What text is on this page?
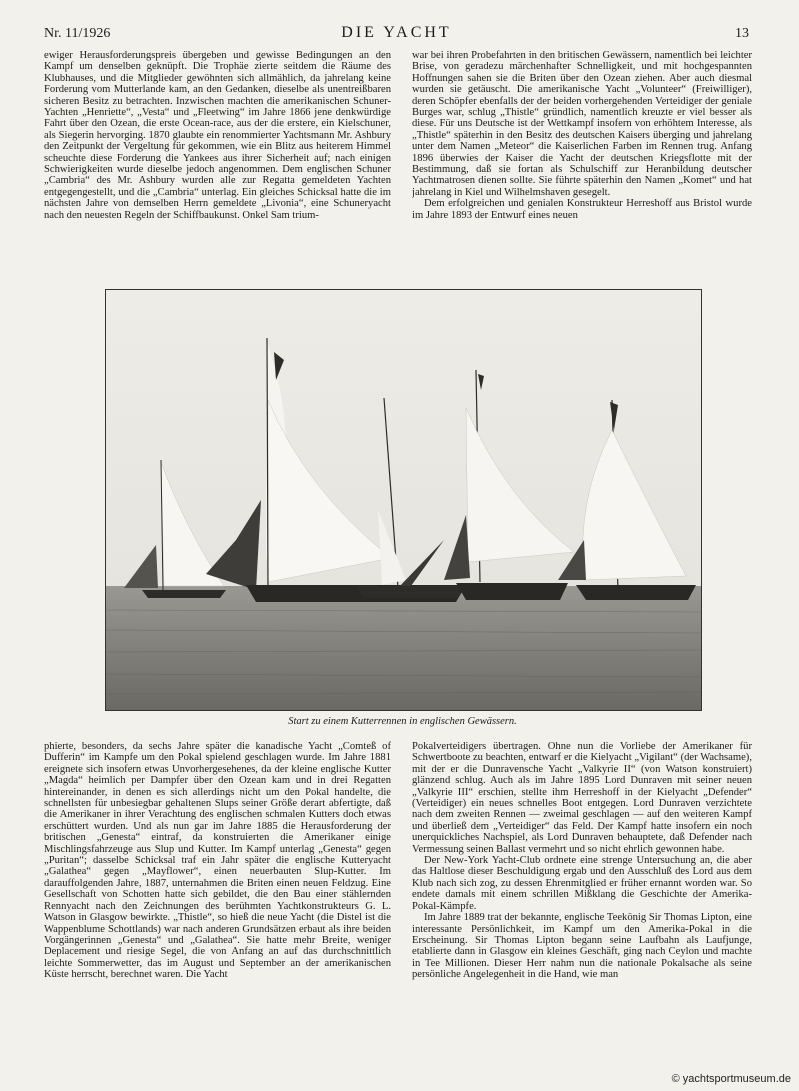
Nr. 11/1926	DIE YACHT	13

ewiger Herausforderungspreis übergeben und gewisse Bedingungen an den Kampf um denselben geknüpft. Die Trophäe zierte seitdem die Räume des Klubhauses, und die Mitglieder gewöhnten sich allmählich, da jahrelang keine Forderung vom Mutterlande kam, an den Gedanken, dieselbe als unentreißbaren sicheren Besitz zu betrachten. Inzwischen machten die amerikanischen Schuner-Yachten „Henriette“, „Vesta“ und „Fleetwing“ im Jahre 1866 jene denkwürdige Fahrt über den Ozean, die erste Ocean-race, aus der die erstere, ein Kielschuner, als Siegerin hervorging. 1870 glaubte ein renommierter Yachtsmann Mr. Ashbury den Zeitpunkt der Vergeltung für gekommen, wie ein Blitz aus heiterem Himmel scheuchte diese Forderung die Yankees aus ihrer Sicherheit auf; nach einigen Schwierigkeiten wurde dieselbe jedoch angenommen. Dem englischen Schuner „Cambria“ des Mr. Ashbury wurden alle zur Regatta gemeldeten Yachten entgegengestellt, und die „Cambria“ unterlag. Ein gleiches Schicksal hatte die im nächsten Jahre von demselben Herrn gemeldete „Livonia“, eine Schuneryacht nach den neuesten Regeln der Schiffbaukunst. Onkel Sam trium-

war bei ihren Probefahrten in den britischen Gewässern, namentlich bei leichter Brise, von geradezu märchenhafter Schnelligkeit, und mit hochgespannten Hoffnungen sahen sie die Briten über den Ozean ziehen. Aber auch diesmal wurden sie getäuscht. Die amerikanische Yacht „Volunteer“ (Freiwilliger), deren Schöpfer ebenfalls der der beiden vorhergehenden Verteidiger der geniale Burges war, schlug „Thistle“ gründlich, namentlich kreuzte er viel besser als diese. Für uns Deutsche ist der Wettkampf insofern von erhöhtem Interesse, als „Thistle“ späterhin in den Besitz des deutschen Kaisers überging und jahrelang unter dem Namen „Meteor“ die Kaiserlichen Farben im Rennen trug. Anfang 1896 überwies der Kaiser die Yacht der deutschen Kriegsflotte mit der Bestimmung, daß sie fortan als Schulschiff zur Heranbildung deutscher Yachtmatrosen dienen sollte. Sie führte späterhin den Namen „Komet“ und hat jahrelang in Kiel und Wilhelmshaven gesegelt.

Dem erfolgreichen und genialen Konstrukteur Herreshoff aus Bristol wurde im Jahre 1893 der Entwurf eines neuen

Start zu einem Kutterrennen in englischen Gewässern.

phierte, besonders, da sechs Jahre später die kanadische Yacht „Comteß of Dufferin“ im Kampfe um den Pokal spielend geschlagen wurde. Im Jahre 1881 ereignete sich insofern etwas Unvorhergesehenes, da der kleine englische Kutter „Magda“ heimlich per Dampfer über den Ozean kam und in drei Regatten hintereinander, in denen es sich allerdings nicht um den Pokal handelte, die schnellsten für unbesiegbar gehaltenen Slups seiner Größe derart abfertigte, daß die Amerikaner in ihrer Verachtung des englischen schmalen Kutters doch etwas erschüttert wurden. Und als nun gar im Jahre 1885 die Herausforderung der britischen „Genesta“ eintraf, da konstruierten die Amerikaner einige Mischlingsfahrzeuge aus Slup und Kutter. Im Kampf unterlag „Genesta“ gegen „Puritan“; dasselbe Schicksal traf ein Jahr später die englische Kutteryacht „Galathea“ gegen „Mayflower“, einen neuerbauten Slup-Kutter. Im darauffolgenden Jahre, 1887, unternahmen die Briten einen neuen Feldzug. Eine Gesellschaft von Schotten hatte sich gebildet, die den Bau einer stählernden Rennyacht nach den Zeichnungen des berühmten Yachtkonstrukteurs G. L. Watson in Glasgow bewirkte. „Thistle“, so hieß die neue Yacht (die Distel ist die Wappenblume Schottlands) war nach anderen Grundsätzen erbaut als ihre beiden Vorgängerinnen „Genesta“ und „Galathea“. Sie hatte mehr Breite, weniger Deplacement und riesige Segel, die von Anfang an auf das durchschnittlich leichte Sommerwetter, das im August und September an der amerikanischen Küste herrscht, berechnet waren. Die Yacht

Pokalverteidigers übertragen. Ohne nun die Vorliebe der Amerikaner für Schwertboote zu beachten, entwarf er die Kielyacht „Vigilant“ (der Wachsame), mit der er die Dunravensche Yacht „Valkyrie II“ (von Watson konstruiert) glänzend schlug. Auch als im Jahre 1895 Lord Dunraven mit seiner neuen „Valkyrie III“ erschien, stellte ihm Herreshoff in der Kielyacht „Defender“ (Verteidiger) ein neues schnelles Boot entgegen. Lord Dunraven verzichtete nach dem zweiten Rennen — zweimal geschlagen — auf den weiteren Kampf und überließ dem „Verteidiger“ das Feld. Der Kampf hatte insofern ein noch unerquickliches Nachspiel, als Lord Dunraven behauptete, daß Defender nach Vermessung seinen Ballast vermehrt und so nicht ehrlich gewonnen habe.

Der New-York Yacht-Club ordnete eine strenge Untersuchung an, die aber das Haltlose dieser Beschuldigung ergab und den Ausschluß des Lord aus dem Klub nach sich zog, zu dessen Ehrenmitglied er früher ernannt worden war. So endete damals mit einem schrillen Mißklang die Geschichte der Amerika-Pokal-Kämpfe.

Im Jahre 1889 trat der bekannte, englische Teekönig Sir Thomas Lipton, eine interessante Persönlichkeit, im Kampf um den Amerika-Pokal in die Erscheinung. Sir Thomas Lipton begann seine Laufbahn als Laufjunge, etablierte dann in Glasgow ein kleines Geschäft, ging nach Ceylon und machte in Tee Millionen. Dieser Herr nahm nun die nationale Pokalsache als seine persönliche Angelegenheit in die Hand, wie man

© yachtsportmuseum.de
